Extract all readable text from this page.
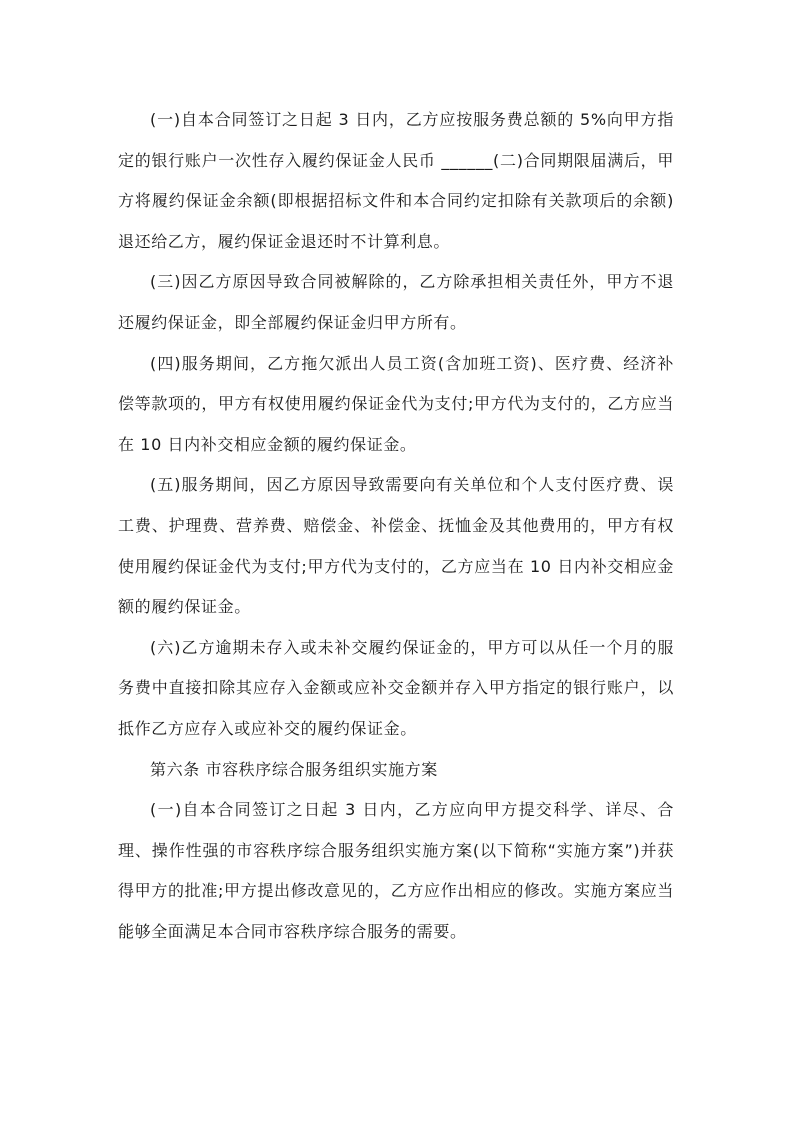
(一)自本合同签订之日起 3 日内，乙方应按服务费总额的 5%向甲方指定的银行账户一次性存入履约保证金人民币 ______(二)合同期限届满后，甲方将履约保证金余额(即根据招标文件和本合同约定扣除有关款项后的余额)退还给乙方，履约保证金退还时不计算利息。

(三)因乙方原因导致合同被解除的，乙方除承担相关责任外，甲方不退还履约保证金，即全部履约保证金归甲方所有。

(四)服务期间，乙方拖欠派出人员工资(含加班工资)、医疗费、经济补偿等款项的，甲方有权使用履约保证金代为支付;甲方代为支付的，乙方应当在 10 日内补交相应金额的履约保证金。

(五)服务期间，因乙方原因导致需要向有关单位和个人支付医疗费、误工费、护理费、营养费、赔偿金、补偿金、抚恤金及其他费用的，甲方有权使用履约保证金代为支付;甲方代为支付的，乙方应当在 10 日内补交相应金额的履约保证金。

(六)乙方逾期未存入或未补交履约保证金的，甲方可以从任一个月的服务费中直接扣除其应存入金额或应补交金额并存入甲方指定的银行账户，以抵作乙方应存入或应补交的履约保证金。

第六条 市容秩序综合服务组织实施方案

(一)自本合同签订之日起 3 日内，乙方应向甲方提交科学、详尽、合理、操作性强的市容秩序综合服务组织实施方案(以下简称“实施方案”)并获得甲方的批准;甲方提出修改意见的，乙方应作出相应的修改。实施方案应当能够全面满足本合同市容秩序综合服务的需要。
